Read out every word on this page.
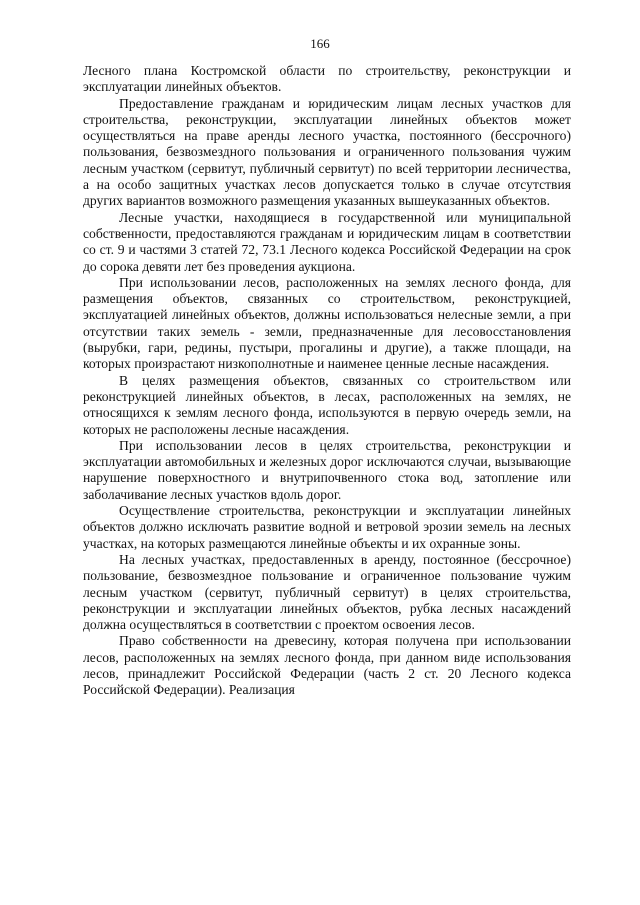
166

Лесного плана Костромской области по строительству, реконструкции и эксплуатации линейных объектов.

Предоставление гражданам и юридическим лицам лесных участков для строительства, реконструкции, эксплуатации линейных объектов может осуществляться на праве аренды лесного участка, постоянного (бессрочного) пользования, безвозмездного пользования и ограниченного пользования чужим лесным участком (сервитут, публичный сервитут) по всей территории лесничества, а на особо защитных участках лесов допускается только в случае отсутствия других вариантов возможного размещения указанных вышеуказанных объектов.

Лесные участки, находящиеся в государственной или муниципальной собственности, предоставляются гражданам и юридическим лицам в соответствии со ст. 9 и частями 3 статей 72, 73.1 Лесного кодекса Российской Федерации на срок до сорока девяти лет без проведения аукциона.

При использовании лесов, расположенных на землях лесного фонда, для размещения объектов, связанных со строительством, реконструкцией, эксплуатацией линейных объектов, должны использоваться нелесные земли, а при отсутствии таких земель - земли, предназначенные для лесовосстановления (вырубки, гари, редины, пустыри, прогалины и другие), а также площади, на которых произрастают низкополнотные и наименее ценные лесные насаждения.

В целях размещения объектов, связанных со строительством или реконструкцией линейных объектов, в лесах, расположенных на землях, не относящихся к землям лесного фонда, используются в первую очередь земли, на которых не расположены лесные насаждения.

При использовании лесов в целях строительства, реконструкции и эксплуатации автомобильных и железных дорог исключаются случаи, вызывающие нарушение поверхностного и внутрипочвенного стока вод, затопление или заболачивание лесных участков вдоль дорог.

Осуществление строительства, реконструкции и эксплуатации линейных объектов должно исключать развитие водной и ветровой эрозии земель на лесных участках, на которых размещаются линейные объекты и их охранные зоны.

На лесных участках, предоставленных в аренду, постоянное (бессрочное) пользование, безвозмездное пользование и ограниченное пользование чужим лесным участком (сервитут, публичный сервитут) в целях строительства, реконструкции и эксплуатации линейных объектов, рубка лесных насаждений должна осуществляться в соответствии с проектом освоения лесов.

Право собственности на древесину, которая получена при использовании лесов, расположенных на землях лесного фонда, при данном виде использования лесов, принадлежит Российской Федерации (часть 2 ст. 20 Лесного кодекса Российской Федерации). Реализация
